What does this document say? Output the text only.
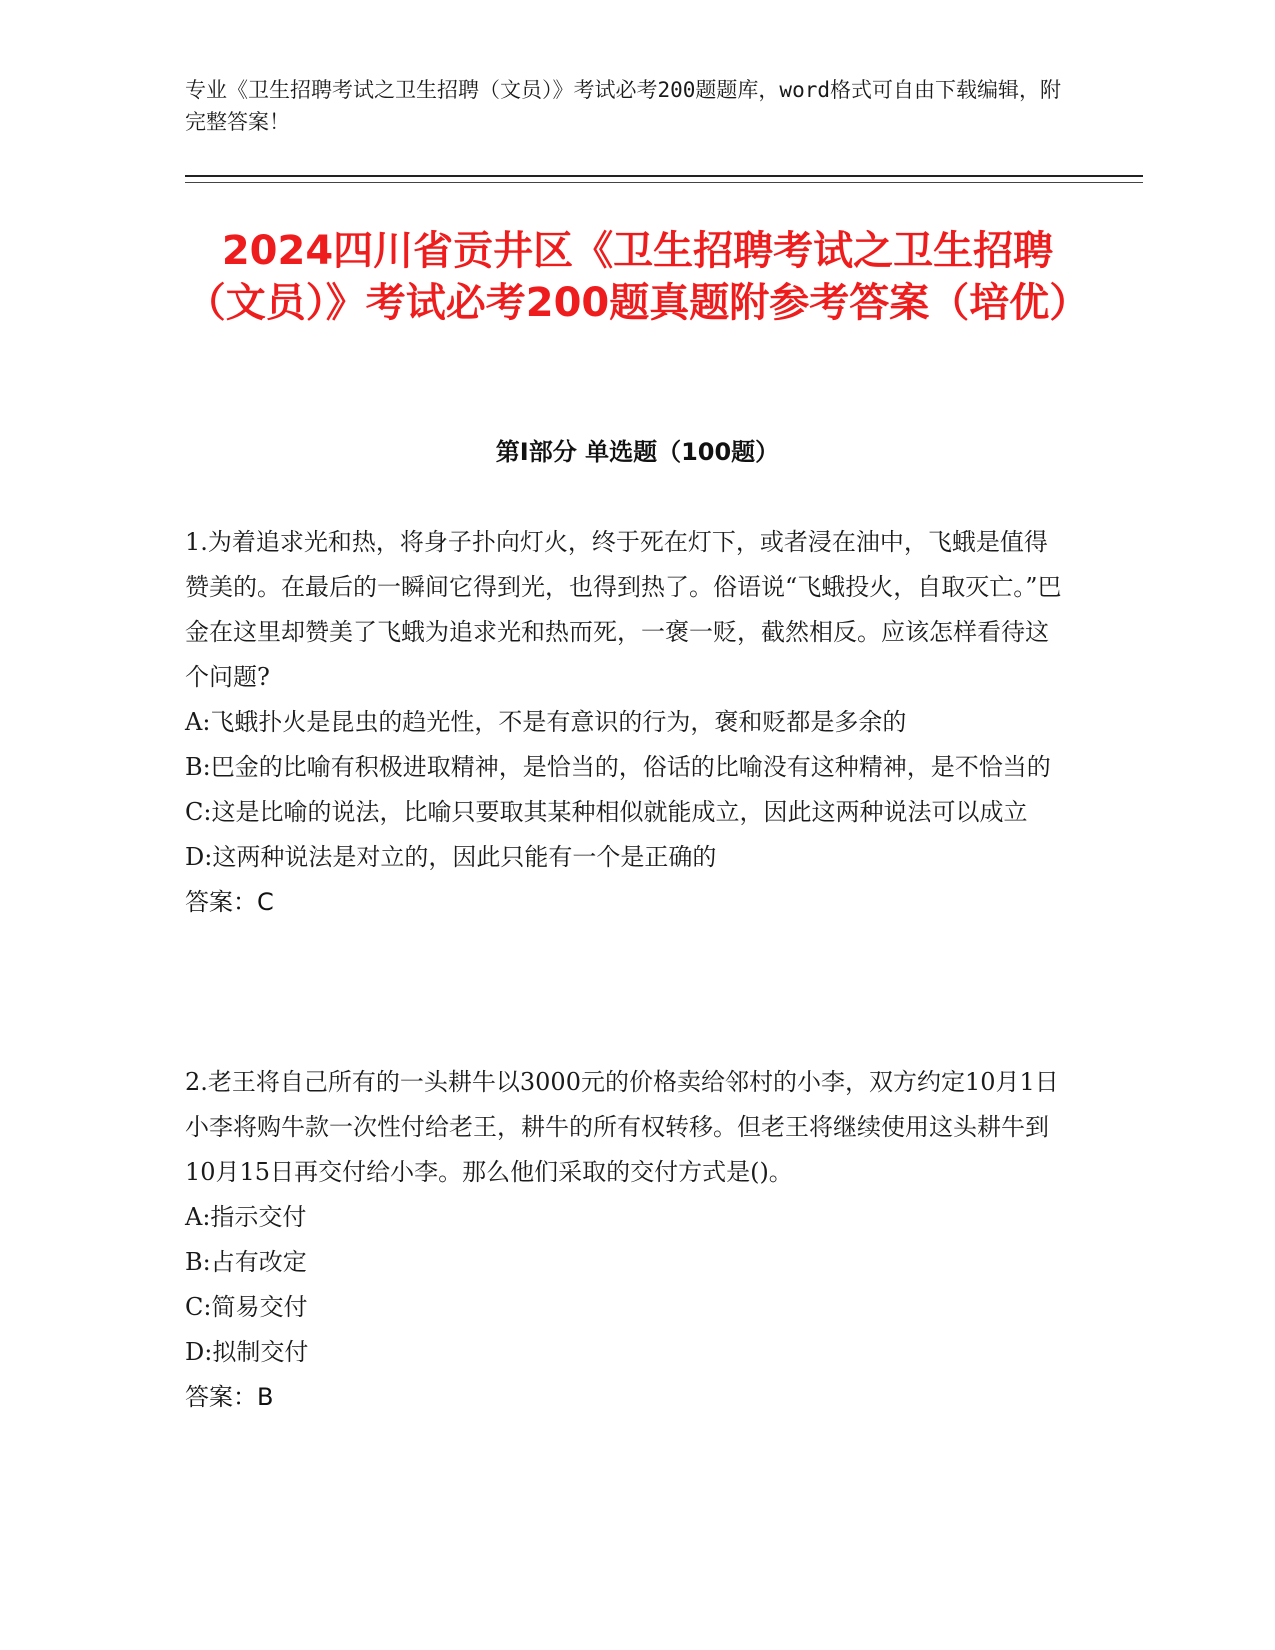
专业《卫生招聘考试之卫生招聘（文员）》考试必考200题题库，word格式可自由下载编辑，附完整答案！
2024四川省贡井区《卫生招聘考试之卫生招聘（文员）》考试必考200题真题附参考答案（培优）
第Ⅰ部分 单选题（100题）

1.为着追求光和热，将身子扑向灯火，终于死在灯下，或者浸在油中，飞蛾是值得赞美的。在最后的一瞬间它得到光，也得到热了。俗语说“飞蛾投火，自取灭亡。”巴金在这里却赞美了飞蛾为追求光和热而死，一褒一贬，截然相反。应该怎样看待这个问题?

A:飞蛾扑火是昆虫的趋光性，不是有意识的行为，褒和贬都是多余的

B:巴金的比喻有积极进取精神，是恰当的，俗话的比喻没有这种精神，是不恰当的

C:这是比喻的说法，比喻只要取其某种相似就能成立，因此这两种说法可以成立

D:这两种说法是对立的，因此只能有一个是正确的

答案：C

2.老王将自己所有的一头耕牛以3000元的价格卖给邻村的小李，双方约定10月1日小李将购牛款一次性付给老王，耕牛的所有权转移。但老王将继续使用这头耕牛到10月15日再交付给小李。那么他们采取的交付方式是()。

A:指示交付

B:占有改定

C:简易交付

D:拟制交付

答案：B
